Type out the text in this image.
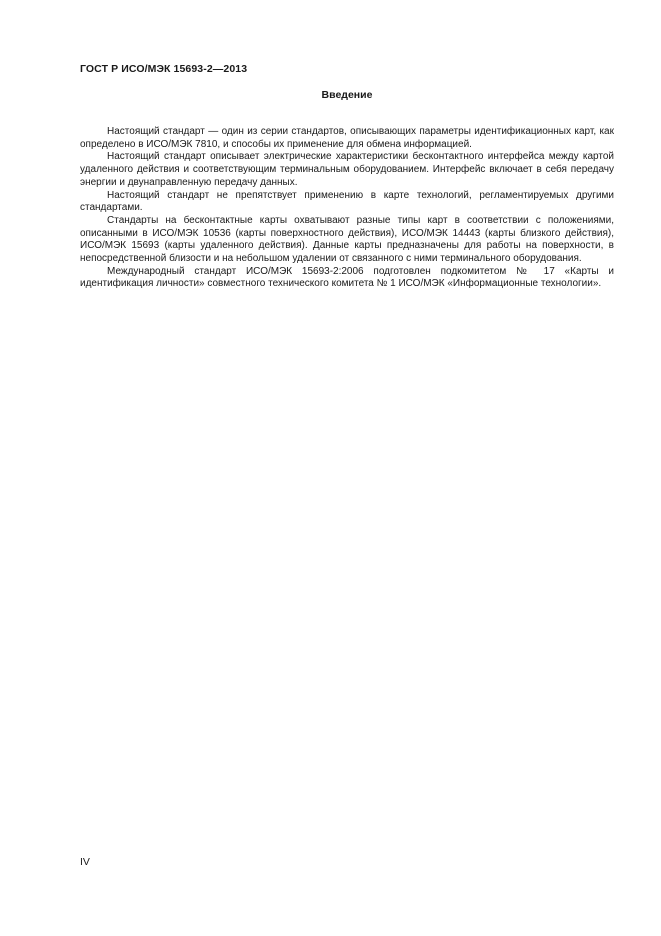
ГОСТ Р ИСО/МЭК 15693-2—2013
Введение

Настоящий стандарт — один из серии стандартов, описывающих параметры идентификационных карт, как определено в ИСО/МЭК 7810, и способы их применение для обмена информацией.

Настоящий стандарт описывает электрические характеристики бесконтактного интерфейса между картой удаленного действия и соответствующим терминальным оборудованием. Интерфейс включает в себя передачу энергии и двунаправленную передачу данных.

Настоящий стандарт не препятствует применению в карте технологий, регламентируемых другими стандартами.

Стандарты на бесконтактные карты охватывают разные типы карт в соответствии с положениями, описанными в ИСО/МЭК 10536 (карты поверхностного действия), ИСО/МЭК 14443 (карты близкого действия), ИСО/МЭК 15693 (карты удаленного действия). Данные карты предназначены для работы на поверхности, в непосредственной близости и на небольшом удалении от связанного с ними терминального оборудования.

Международный стандарт ИСО/МЭК 15693-2:2006 подготовлен подкомитетом № 17 «Карты и идентификация личности» совместного технического комитета № 1 ИСО/МЭК «Информационные технологии».

IV
